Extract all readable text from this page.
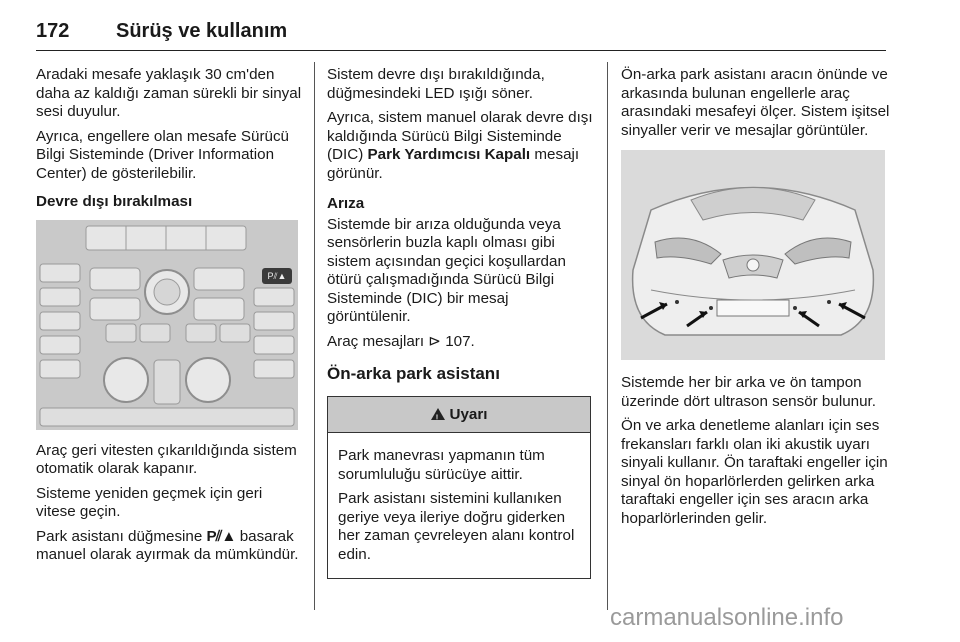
172 Sürüş ve kullanım

Aradaki mesafe yaklaşık 30 cm'den daha az kaldığı zaman sürekli bir sinyal sesi duyulur.

Ayrıca, engellere olan mesafe Sürücü Bilgi Sisteminde (Driver Information Center) de gösterilebilir.

Devre dışı bırakılması
P⫽▲

Araç geri vitesten çıkarıldığında sistem otomatik olarak kapanır.

Sisteme yeniden geçmek için geri vitese geçin.

Park asistanı düğmesine P⫽▲ basarak manuel olarak ayırmak da mümkündür.

Sistem devre dışı bırakıldığında, düğmesindeki LED ışığı söner.

Ayrıca, sistem manuel olarak devre dışı kaldığında Sürücü Bilgi Sisteminde (DIC) Park Yardımcısı Kapalı mesajı görünür.

Arıza

Sistemde bir arıza olduğunda veya sensörlerin buzla kaplı olması gibi sistem açısından geçici koşullardan ötürü çalışmadığında Sürücü Bilgi Sisteminde (DIC) bir mesaj görüntülenir.

Araç mesajları ⊳ 107.

Ön-arka park asistanı
!Uyarı

Park manevrası yapmanın tüm sorumluluğu sürücüye aittir.

Park asistanı sistemini kullanıken geriye veya ileriye doğru giderken her zaman çevreleyen alanı kontrol edin.

Ön-arka park asistanı aracın önünde ve arkasında bulunan engellerle araç arasındaki mesafeyi ölçer. Sistem işitsel sinyaller verir ve mesajlar görüntüler.

Sistemde her bir arka ve ön tampon üzerinde dört ultrason sensör bulunur.

Ön ve arka denetleme alanları için ses frekansları farklı olan iki akustik uyarı sinyali kullanır. Ön taraftaki engeller için sinyal ön hoparlörlerden gelirken arka taraftaki engeller için ses aracın arka hoparlörlerinden gelir.

carmanualsonline.info
